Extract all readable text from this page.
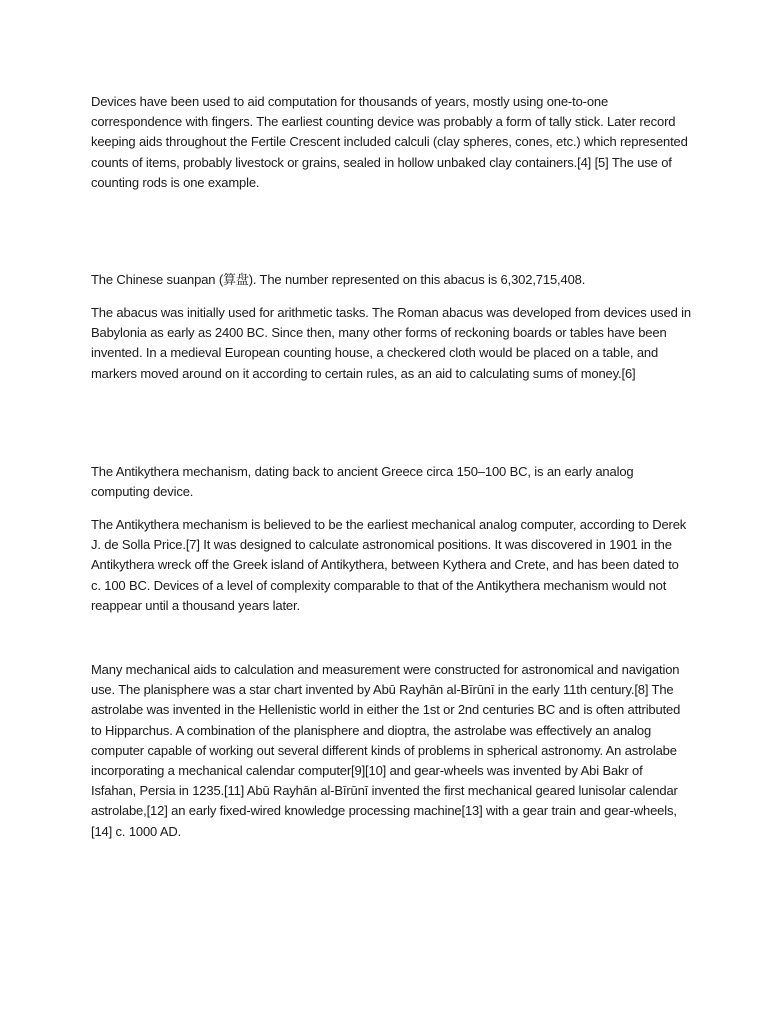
Devices have been used to aid computation for thousands of years, mostly using one-to-one correspondence with fingers. The earliest counting device was probably a form of tally stick. Later record keeping aids throughout the Fertile Crescent included calculi (clay spheres, cones, etc.) which represented counts of items, probably livestock or grains, sealed in hollow unbaked clay containers.[4] [5] The use of counting rods is one example.

The Chinese suanpan (算盘). The number represented on this abacus is 6,302,715,408.

The abacus was initially used for arithmetic tasks. The Roman abacus was developed from devices used in Babylonia as early as 2400 BC. Since then, many other forms of reckoning boards or tables have been invented. In a medieval European counting house, a checkered cloth would be placed on a table, and markers moved around on it according to certain rules, as an aid to calculating sums of money.[6]

The Antikythera mechanism, dating back to ancient Greece circa 150–100 BC, is an early analog computing device.

The Antikythera mechanism is believed to be the earliest mechanical analog computer, according to Derek J. de Solla Price.[7] It was designed to calculate astronomical positions. It was discovered in 1901 in the Antikythera wreck off the Greek island of Antikythera, between Kythera and Crete, and has been dated to c. 100 BC. Devices of a level of complexity comparable to that of the Antikythera mechanism would not reappear until a thousand years later.

Many mechanical aids to calculation and measurement were constructed for astronomical and navigation use. The planisphere was a star chart invented by Abū Rayhān al-Bīrūnī in the early 11th century.[8] The astrolabe was invented in the Hellenistic world in either the 1st or 2nd centuries BC and is often attributed to Hipparchus. A combination of the planisphere and dioptra, the astrolabe was effectively an analog computer capable of working out several different kinds of problems in spherical astronomy. An astrolabe incorporating a mechanical calendar computer[9][10] and gear-wheels was invented by Abi Bakr of Isfahan, Persia in 1235.[11] Abū Rayhān al-Bīrūnī invented the first mechanical geared lunisolar calendar astrolabe,[12] an early fixed-wired knowledge processing machine[13] with a gear train and gear-wheels,[14] c. 1000 AD.
